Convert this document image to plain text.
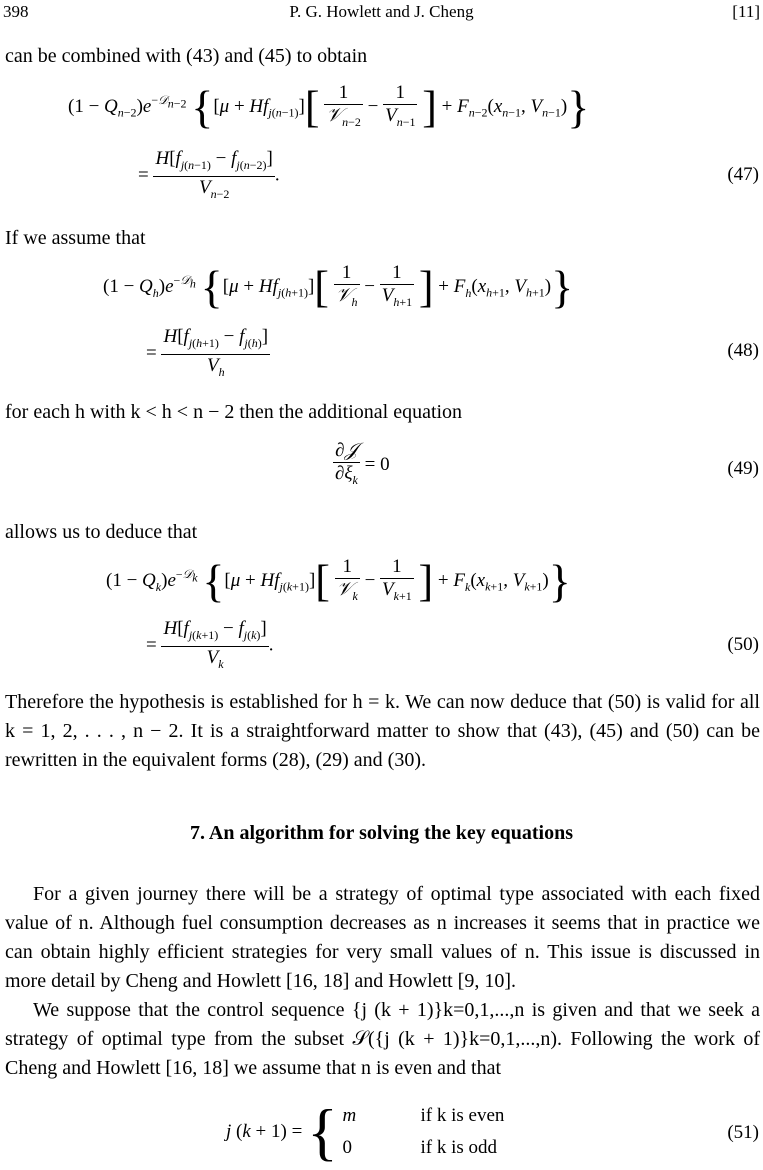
398	P. G. Howlett and J. Cheng	[11]
can be combined with (43) and (45) to obtain
$(1 - Q_{n-2})e^{-𝒟_{n-2}}$ {$[\mu + Hf_{j(n-1)}][ \frac{1}{𝒱_{n-2}} - \frac{1}{V_{n-1}}$ ] + $F_{n-2}(x_{n-1}$, $V_{n-1}$)}
= $\frac{H[f_{j(n-1)} - f_{j(n-2)}]}{V_{n-2}}$ .	(47)
If we assume that
$(1 - Q_h)e^{-𝒟_h}$ {$[\mu + Hf_{j(h+1)}][ \frac{1}{𝒱_h} - \frac{1}{V_{h+1}}$ ] + $F_h(x_{h+1}$, $V_{h+1}$)}
= $\frac{H[f_{j(h+1)} - f_{j(h)}]}{V_h}$	(48)
for each h with k < h < n − 2 then the additional equation
$\frac{\text{∂𝒥}}{\partial\xi_k} = 0$	(49)
allows us to deduce that
$(1 - Q_k)e^{-𝒟_k}$ {$[\mu + Hf_{j(k+1)}][ \frac{1}{𝒱_k} - \frac{1}{V_{k+1}}$ ] + $F_k(x_{k+1}$, $V_{k+1}$)}
= $\frac{H[f_{j(k+1)} - f_{j(k)}]}{V_k}$ .	(50)
Therefore the hypothesis is established for h = k. We can now deduce that (50) is valid for all k = 1, 2, . . . , n − 2. It is a straightforward matter to show that (43), (45) and (50) can be rewritten in the equivalent forms (28), (29) and (30).
7. An algorithm for solving the key equations
For a given journey there will be a strategy of optimal type associated with each fixed value of n. Although fuel consumption decreases as n increases it seems that in practice we can obtain highly efficient strategies for very small values of n. This issue is discussed in more detail by Cheng and Howlett [16, 18] and Howlett [9, 10].
We suppose that the control sequence {j (k + 1)}k=0,1,...,n is given and that we seek a strategy of optimal type from the subset 𝒮({j (k + 1)}k=0,1,...,n). Following the work of Cheng and Howlett [16, 18] we assume that n is even and that
j (k + 1) = { m	if k is even
0	if k is odd
(51)
